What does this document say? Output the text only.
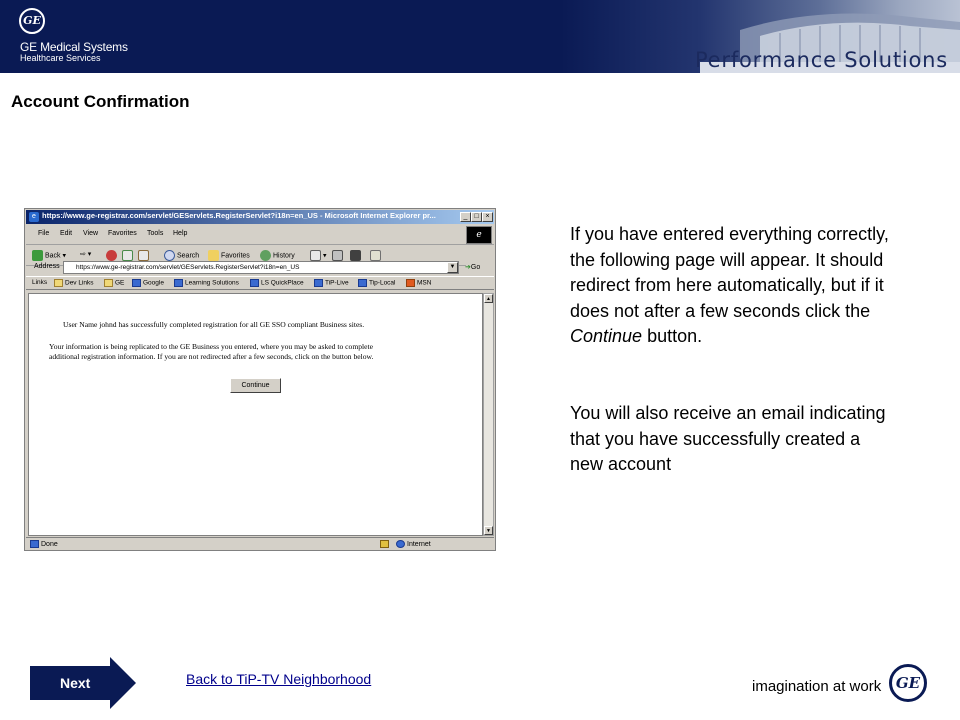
GE
GE Medical Systems
Healthcare Services	Performance Solutions
Account Confirmation
e https://www.ge-registrar.com/servlet/GEServlets.RegisterServlet?i18n=en_US - Microsoft Internet Explorer pr...	_ □ ×
File Edit View Favorites Tools Help	e
Back ▾ ⇨ ▾	Search	Favorites	History	▾
Address	https://www.ge-registrar.com/servlet/GEServlets.RegisterServlet?i18n=en_US	▼	➔Go
Links	Dev Links	GE	Google	Learning Solutions	LS QuickPlace	TiP-Live	Tip-Local	MSN

User Name johnd has successfully completed registration for all GE SSO compliant Business sites.

Your information is being replicated to the GE Business you entered, where you may be asked to complete

additional registration information. If you are not redirected after a few seconds, click on the button below.

Continue
▲
▼
Done	Internet
If you have entered everything correctly, the following page will appear. It should redirect from here automatically, but if it does not after a few seconds click the Continue button.
You will also receive an email indicating that you have successfully created a new account
Next	Back to TiP-TV Neighborhood	imagination at work GE
